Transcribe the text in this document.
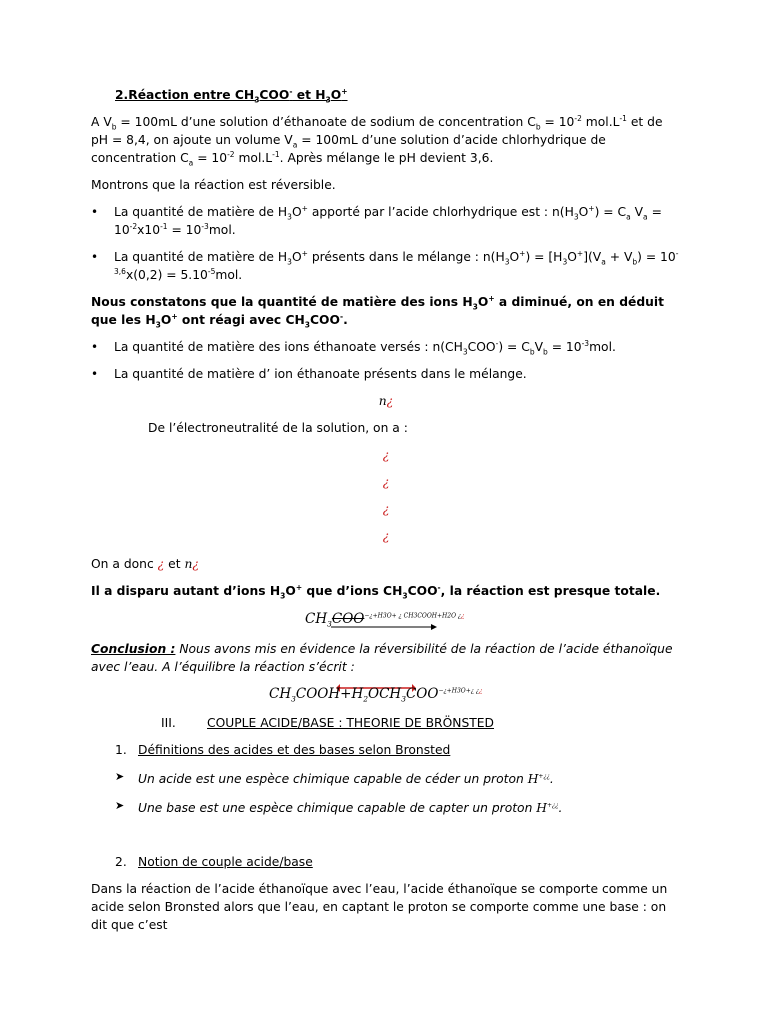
2.Réaction entre $CH_3COO^-$ et $H_3O^+$

A $V_b = 100mL$ d’une solution d’éthanoate de sodium de concentration $C_b = 10^{-2}$ $mol.L^{-1}$ et de pH = 8,4, on ajoute un volume $V_a = 100mL$ d’une solution d’acide chlorhydrique de concentration $C_a = 10^{-2}$ $mol.L^{-1}$. Après mélange le pH devient 3,6.

Montrons que la réaction est réversible.

• La quantité de matière de $H_3O^+$ apporté par l’acide chlorhydrique est : $n(H_3O^+) = C_a$ $V_a = 10^{-2}x10^{-1} = 10^{-3}mol$.

• La quantité de matière de $H_3O^+$ présents dans le mélange : $n(H_3O^+) = [H_3O^+](V_a + V_b) = 10^{-3,6}x(0,2) = 5.10^{-5}mol$.

Nous constatons que la quantité de matière des ions $H_3O^+$ a diminué, on en déduit que les $H_3O^+$ ont réagi avec $CH_3COO^-$.

• La quantité de matière des ions éthanoate versés : $n(CH_3COO^-) = C_bV_b = 10^{-3}mol$.

• La quantité de matière d’ ion éthanoate présents dans le mélange.

n¿

De l’électroneutralité de la solution, on a :

¿

¿

¿

¿

On a donc ¿ et n¿

Il a disparu autant d’ions $H_3O^+$ que d’ions $CH_3COO^-$, la réaction est presque totale.

$CH_3COO^{-¿+H3O+ ¿ CH3COOH+H2O ¿¿}$

Conclusion : Nous avons mis en évidence la réversibilité de la réaction de l’acide éthanoïque avec l’eau. A l’équilibre la réaction s’écrit :

$CH_3COOH+H_2OCH_3COO^{-¿+H3O+¿ ¿¿}$

III.	COUPLE ACIDE/BASE : THEORIE DE BRÖNSTED

1. Définitions des acides et des bases selon Bronsted

➤ Un acide est une espèce chimique capable de céder un proton H+¿¿.

➤ Une base est une espèce chimique capable de capter un proton H+¿¿.

2. Notion de couple acide/base

Dans la réaction de l’acide éthanoïque avec l’eau, l’acide éthanoïque se comporte comme un acide selon Bronsted alors que l’eau, en captant le proton se comporte comme une base : on dit que c’est
